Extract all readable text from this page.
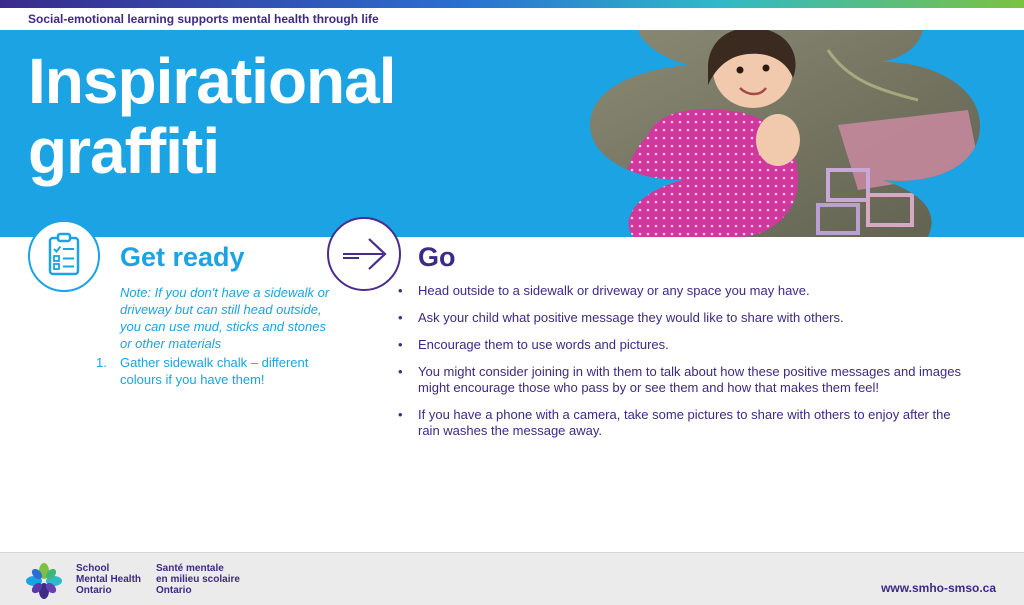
Social-emotional learning supports mental health through life
Inspirational
graffiti
Get ready
Note: If you don't have a sidewalk or driveway but can still head outside, you can use mud, sticks and stones or other materials
1.	Gather sidewalk chalk – different colours if you have them!
Go
•	Head outside to a sidewalk or driveway or any space you may have.
•	Ask your child what positive message they would like to share with others.
•	Encourage them to use words and pictures.
•	You might consider joining in with them to talk about how these positive messages and images might encourage those who pass by or see them and how that makes them feel!
•	If you have a phone with a camera, take some pictures to share with others to enjoy after the rain washes the message away.
School
Mental Health
Ontario
Santé mentale
en milieu scolaire
Ontario	www.smho-smso.ca
